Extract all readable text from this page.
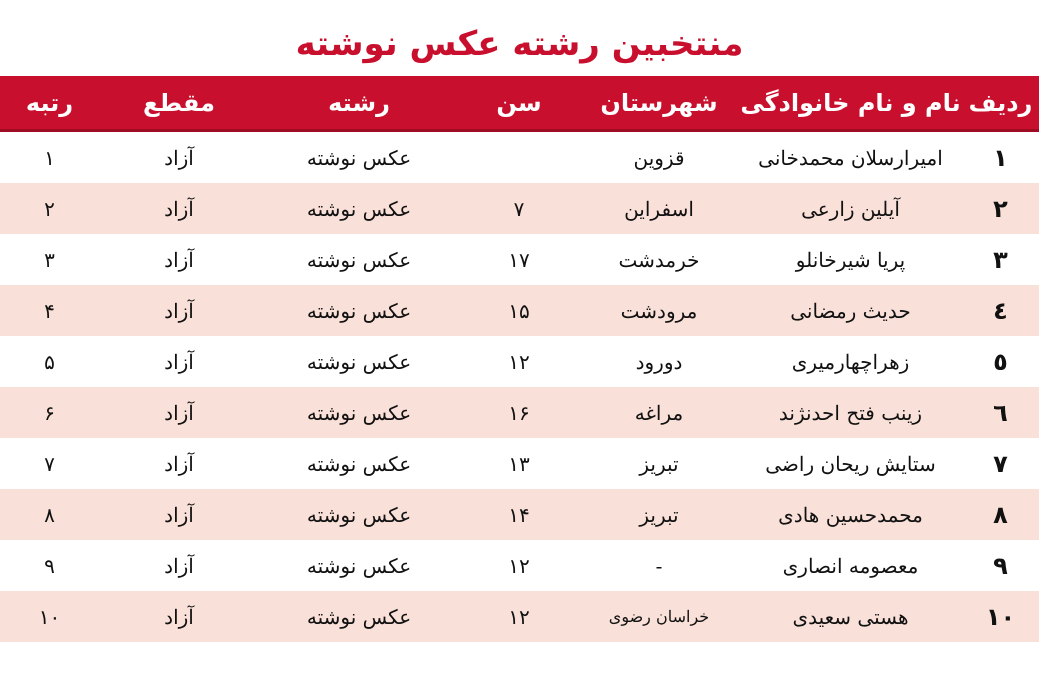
منتخبین رشته عکس نوشته
ردیف	نام و نام خانوادگی	شهرستان	سن	رشته	مقطع	رتبه
۱	امیرارسلان محمدخانی	قزوین		عکس نوشته	آزاد	۱
۲	آیلین زارعی	اسفراین	۷	عکس نوشته	آزاد	۲
۳	پریا شیرخانلو	خرمدشت	۱۷	عکس نوشته	آزاد	۳
٤	حدیث رمضانی	مرودشت	۱۵	عکس نوشته	آزاد	۴
٥	زهراچهارمیری	دورود	۱۲	عکس نوشته	آزاد	۵
٦	زینب فتح احدنژند	مراغه	۱۶	عکس نوشته	آزاد	۶
۷	ستایش ریحان راضی	تبریز	۱۳	عکس نوشته	آزاد	۷
۸	محمدحسین هادی	تبریز	۱۴	عکس نوشته	آزاد	۸
۹	معصومه انصاری	-	۱۲	عکس نوشته	آزاد	۹
۱۰	هستی سعیدی	خراسان رضوی	۱۲	عکس نوشته	آزاد	۱۰
